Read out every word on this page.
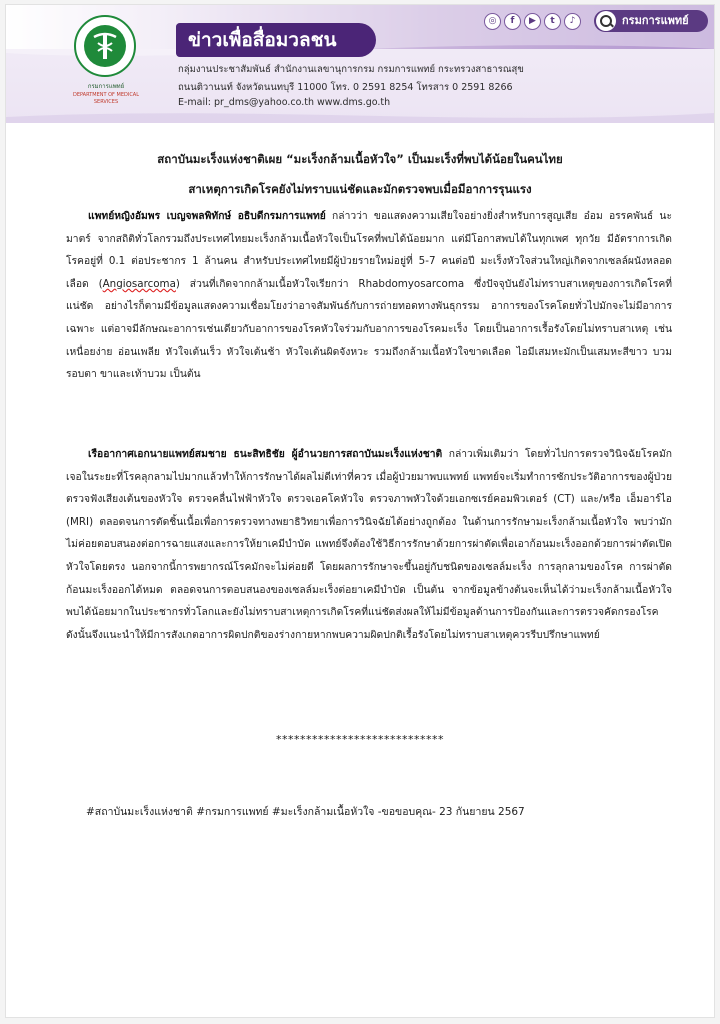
กรมการแพทย์
DEPARTMENT OF MEDICAL SERVICES
ข่าวเพื่อสื่อมวลชน
กลุ่มงานประชาสัมพันธ์ สำนักงานเลขานุการกรม กรมการแพทย์ กระทรวงสาธารณสุข
ถนนติวานนท์ จังหวัดนนทบุรี 11000 โทร. 0 2591 8254 โทรสาร 0 2591 8266
E-mail: pr_dms@yahoo.co.th www.dms.go.th
◎	f	▶	t	♪	กรมการแพทย์
สถาบันมะเร็งแห่งชาติเผย “มะเร็งกล้ามเนื้อหัวใจ” เป็นมะเร็งที่พบได้น้อยในคนไทย
สาเหตุการเกิดโรคยังไม่ทราบแน่ชัดและมักตรวจพบเมื่อมีอาการรุนแรง
แพทย์หญิงอัมพร เบญจพลพิทักษ์ อธิบดีกรมการแพทย์ กล่าวว่า ขอแสดงความเสียใจอย่างยิ่งสำหรับการสูญเสีย อ๋อม อรรคพันธ์ นะมาตร์ จากสถิติทั่วโลกรวมถึงประเทศไทยมะเร็งกล้ามเนื้อหัวใจเป็นโรคที่พบได้น้อยมาก แต่มีโอกาสพบได้ในทุกเพศ ทุกวัย มีอัตราการเกิดโรคอยู่ที่ 0.1 ต่อประชากร 1 ล้านคน สำหรับประเทศไทยมีผู้ป่วยรายใหม่อยู่ที่ 5-7 คนต่อปี มะเร็งหัวใจส่วนใหญ่เกิดจากเซลล์ผนังหลอดเลือด (Angiosarcoma) ส่วนที่เกิดจากกล้ามเนื้อหัวใจเรียกว่า Rhabdomyosarcoma ซึ่งปัจจุบันยังไม่ทราบสาเหตุของการเกิดโรคที่แน่ชัด อย่างไรก็ตามมีข้อมูลแสดงความเชื่อมโยงว่าอาจสัมพันธ์กับการถ่ายทอดทางพันธุกรรม อาการของโรคโดยทั่วไปมักจะไม่มีอาการเฉพาะ แต่อาจมีลักษณะอาการเช่นเดียวกับอาการของโรคหัวใจร่วมกับอาการของโรคมะเร็ง โดยเป็นอาการเรื้อรังโดยไม่ทราบสาเหตุ เช่น เหนื่อยง่าย อ่อนเพลีย หัวใจเต้นเร็ว หัวใจเต้นช้า หัวใจเต้นผิดจังหวะ รวมถึงกล้ามเนื้อหัวใจขาดเลือด ไอมีเสมหะมักเป็นเสมหะสีขาว บวมรอบตา ขาและเท้าบวม เป็นต้น
เรืออากาศเอกนายแพทย์สมชาย ธนะสิทธิชัย ผู้อำนวยการสถาบันมะเร็งแห่งชาติ กล่าวเพิ่มเติมว่า โดยทั่วไปการตรวจวินิจฉัยโรคมักเจอในระยะที่โรคลุกลามไปมากแล้วทำให้การรักษาได้ผลไม่ดีเท่าที่ควร เมื่อผู้ป่วยมาพบแพทย์ แพทย์จะเริ่มทำการซักประวัติอาการของผู้ป่วย ตรวจฟังเสียงเต้นของหัวใจ ตรวจคลื่นไฟฟ้าหัวใจ ตรวจเอคโคหัวใจ ตรวจภาพหัวใจด้วยเอกซเรย์คอมพิวเตอร์ (CT) และ/หรือ เอ็มอาร์ไอ (MRI) ตลอดจนการตัดชิ้นเนื้อเพื่อการตรวจทางพยาธิวิทยาเพื่อการวินิจฉัยได้อย่างถูกต้อง ในด้านการรักษามะเร็งกล้ามเนื้อหัวใจ พบว่ามักไม่ค่อยตอบสนองต่อการฉายแสงและการให้ยาเคมีบำบัด แพทย์จึงต้องใช้วิธีการรักษาด้วยการผ่าตัดเพื่อเอาก้อนมะเร็งออกด้วยการผ่าตัดเปิดหัวใจโดยตรง นอกจากนี้การพยากรณ์โรคมักจะไม่ค่อยดี โดยผลการรักษาจะขึ้นอยู่กับชนิดของเซลล์มะเร็ง การลุกลามของโรค การผ่าตัดก้อนมะเร็งออกได้หมด ตลอดจนการตอบสนองของเซลล์มะเร็งต่อยาเคมีบำบัด เป็นต้น จากข้อมูลข้างต้นจะเห็นได้ว่ามะเร็งกล้ามเนื้อหัวใจพบได้น้อยมากในประชากรทั่วโลกและยังไม่ทราบสาเหตุการเกิดโรคที่แน่ชัดส่งผลให้ไม่มีข้อมูลด้านการป้องกันและการตรวจคัดกรองโรค ดังนั้นจึงแนะนำให้มีการสังเกตอาการผิดปกติของร่างกายหากพบความผิดปกติเรื้อรังโดยไม่ทราบสาเหตุควรรีบปรึกษาแพทย์
****************************
#สถาบันมะเร็งแห่งชาติ #กรมการแพทย์ #มะเร็งกล้ามเนื้อหัวใจ -ขอขอบคุณ- 23 กันยายน 2567
